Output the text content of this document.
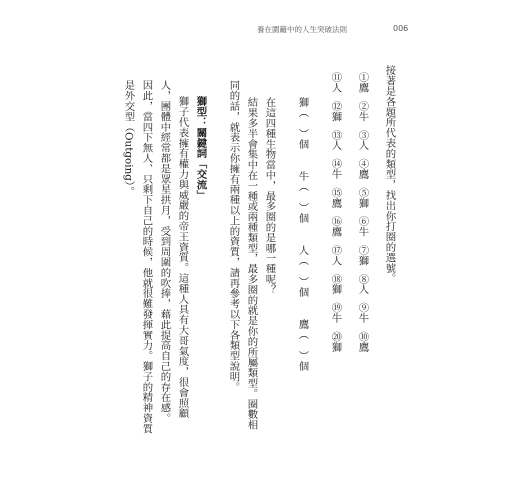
養在圍籬中的人生突破法則	006
接著是各題所代表的類型，找出你打圈的選號。
①鷹②牛③人④鷹⑤獅⑥牛⑦獅⑧人⑨牛⑩鷹
⑪人⑫獅⑬人⑭牛⑮鷹⑯鷹⑰人⑱獅⑲牛⑳獅
獅（　）個牛（　）個人（　）個鷹（　）個
在這四種生物當中，最多圈的是哪一種呢？
結果多半會集中在一種或兩種類型，最多圈的就是你的所屬類型。圈數相
同的話，就表示你擁有兩種以上的資質，請再參考以下各類型說明。
獅型：關鍵詞「交流」
獅子代表擁有權力與威嚴的帝王資質。這種人具有大哥氣度，很會照顧
人，團體中經常都是眾星拱月，受到周圍的吹捧，藉此提高自己的存在感。
因此，當四下無人、只剩下自己的時候，他就很難發揮實力。獅子的精神資質
是外交型（Outgoing）。
